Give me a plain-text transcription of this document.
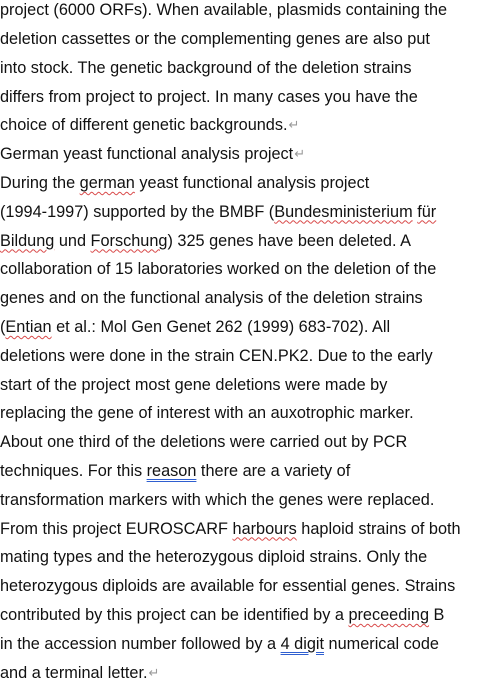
project (6000 ORFs). When available, plasmids containing the
deletion cassettes or the complementing genes are also put
into stock. The genetic background of the deletion strains
differs from project to project. In many cases you have the
choice of different genetic backgrounds.↵
German yeast functional analysis project↵
During the german yeast functional analysis project
(1994-1997) supported by the BMBF (Bundesministerium für
Bildung und Forschung) 325 genes have been deleted. A
collaboration of 15 laboratories worked on the deletion of the
genes and on the functional analysis of the deletion strains
(Entian et al.: Mol Gen Genet 262 (1999) 683-702). All
deletions were done in the strain CEN.PK2. Due to the early
start of the project most gene deletions were made by
replacing the gene of interest with an auxotrophic marker.
About one third of the deletions were carried out by PCR
techniques. For this reason there are a variety of
transformation markers with which the genes were replaced.
From this project EUROSCARF harbours haploid strains of both
mating types and the heterozygous diploid strains. Only the
heterozygous diploids are available for essential genes. Strains
contributed by this project can be identified by a preceeding B
in the accession number followed by a 4 digit numerical code
and a terminal letter.↵
